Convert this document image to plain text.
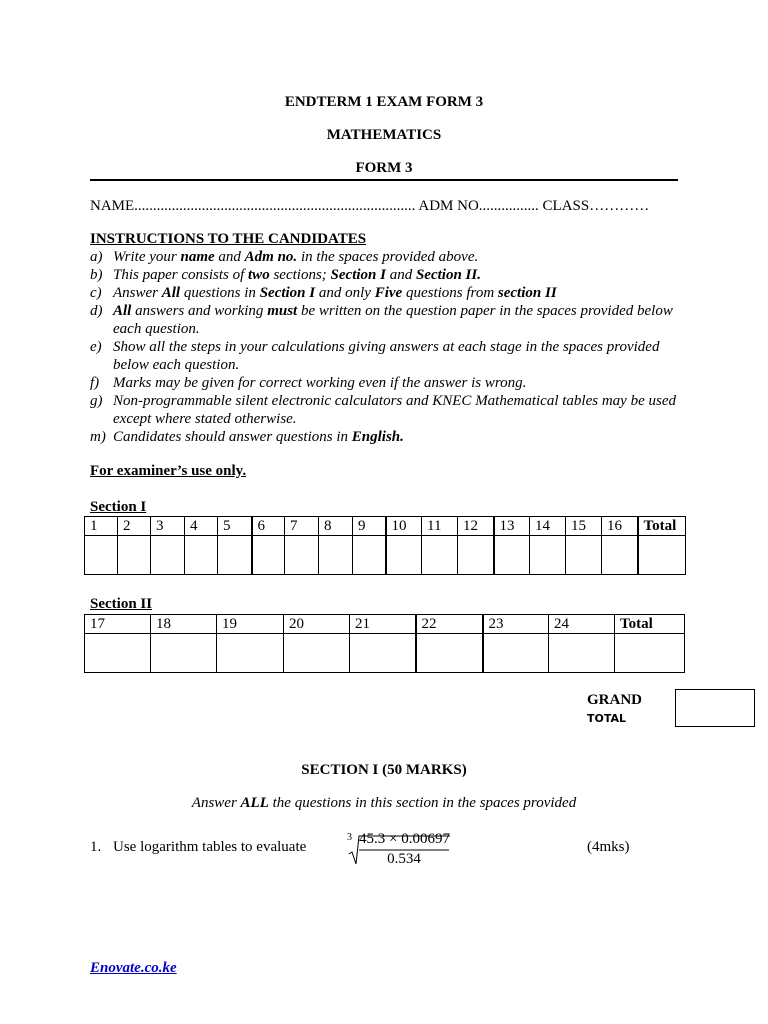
ENDTERM 1 EXAM FORM 3
MATHEMATICS
FORM 3
NAME........................................................................... ADM NO................ CLASS…………
INSTRUCTIONS TO THE CANDIDATES
a) Write your name and Adm no. in the spaces provided above.
b) This paper consists of two sections; Section I and Section II.
c) Answer All questions in Section I and only Five questions from section II
d) All answers and working must be written on the question paper in the spaces provided below each question.
e) Show all the steps in your calculations giving answers at each stage in the spaces provided below each question.
f) Marks may be given for correct working even if the answer is wrong.
g) Non-programmable silent electronic calculators and KNEC Mathematical tables may be used except where stated otherwise.
m) Candidates should answer questions in English.
For examiner’s use only.
Section I
1	2	3	4	5	6	7	8	9	10	11	12	13	14	15	16	Total

Section II
17	18	19	20	21	22	23	24	Total

GRAND
TOTAL
SECTION I (50 MARKS)
Answer ALL the questions in this section in the spaces provided
1. Use logarithm tables to evaluate
3 45.3 × 0.00697
0.534
(4mks)
Enovate.co.ke
